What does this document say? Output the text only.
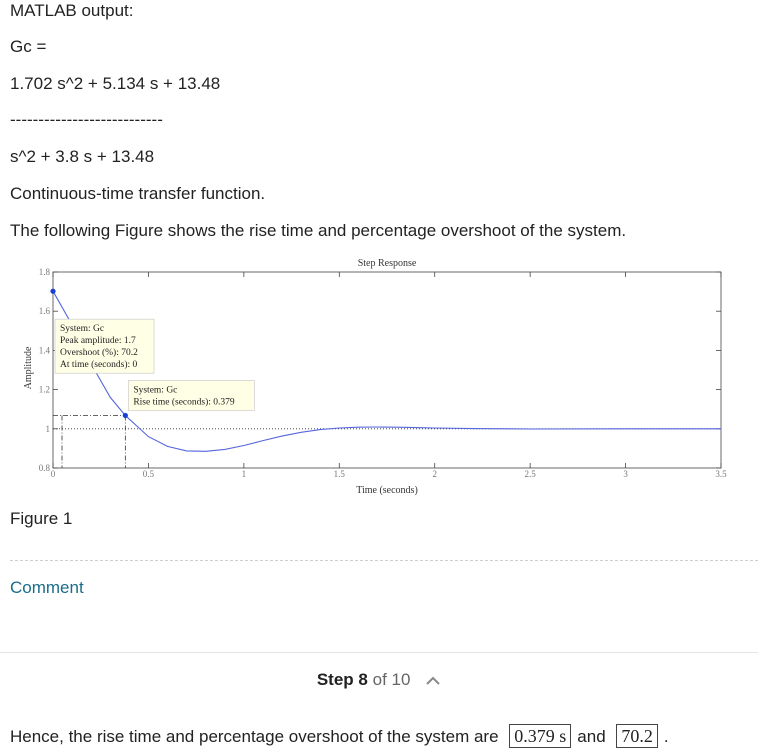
MATLAB output:
Gc =
1.702 s^2 + 5.134 s + 13.48
---------------------------
s^2 + 3.8 s + 13.48
Continuous-time transfer function.
The following Figure shows the rise time and percentage overshoot of the system.
0	0.5	1	1.5	2	2.5	3	3.5
0.8
1
1.2
1.4
1.6
1.8
Step Response
Time (seconds)
Amplitude
System: Gc
Peak amplitude: 1.7
Overshoot (%): 70.2
At time (seconds): 0
System: Gc
Rise time (seconds): 0.379
Figure 1
Comment
Step 8 of 10
Hence, the rise time and percentage overshoot of the system are 0.379 s and 70.2 .
